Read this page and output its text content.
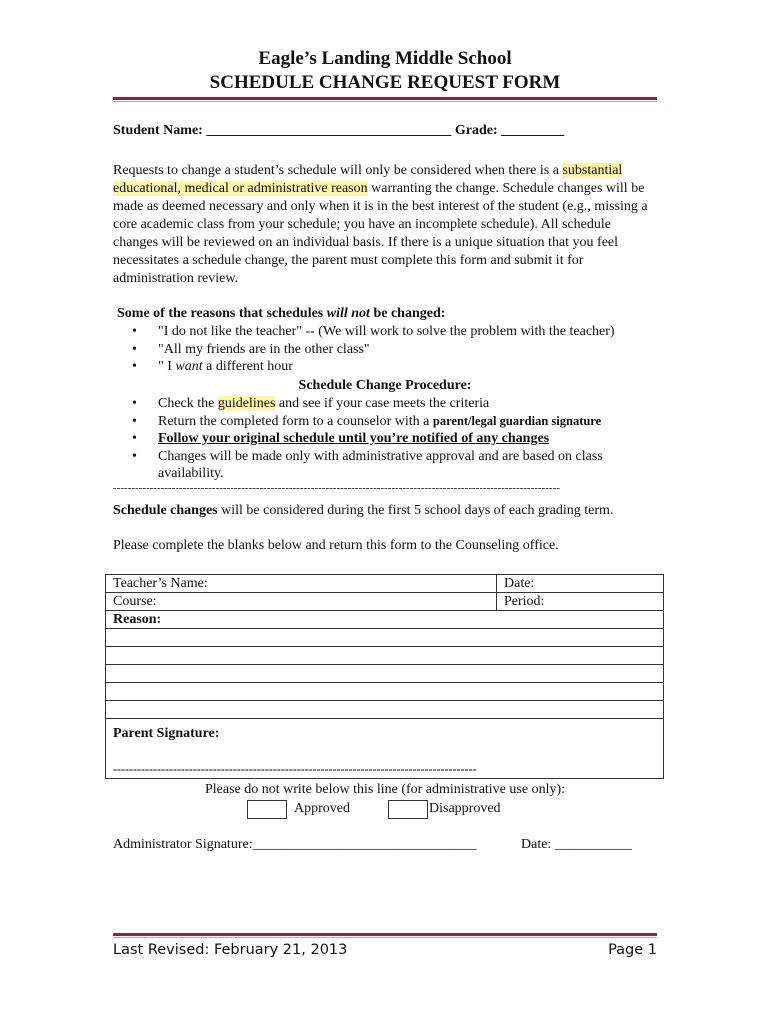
Eagle’s Landing Middle School
SCHEDULE CHANGE REQUEST FORM
Student Name: ___________________________________ Grade: _________
Requests to change a student’s schedule will only be considered when there is a substantial educational, medical or administrative reason warranting the change. Schedule changes will be made as deemed necessary and only when it is in the best interest of the student (e.g., missing a core academic class from your schedule; you have an incomplete schedule). All schedule changes will be reviewed on an individual basis. If there is a unique situation that you feel necessitates a schedule change, the parent must complete this form and submit it for administration review.
Some of the reasons that schedules will not be changed:
• "I do not like the teacher" -- (We will work to solve the problem with the teacher)
• "All my friends are in the other class"
• " I want a different hour
Schedule Change Procedure:
• Check the guidelines and see if your case meets the criteria
• Return the completed form to a counselor with a parent/legal guardian signature
• Follow your original schedule until you’re notified of any changes
• Changes will be made only with administrative approval and are based on class availability.
--------------------------------------------------------------------------------------------------------------------------
Schedule changes will be considered during the first 5 school days of each grading term.
Please complete the blanks below and return this form to the Counseling office.
Teacher’s Name:	Date:
Course:	Period:
Reason:	

Parent Signature:	
-------------------------------------------------------------------------------------------
Please do not write below this line (for administrative use only):
Approved	Disapproved
Administrator Signature:________________________________	Date: ___________
Last Revised: February 21, 2013	Page 1
